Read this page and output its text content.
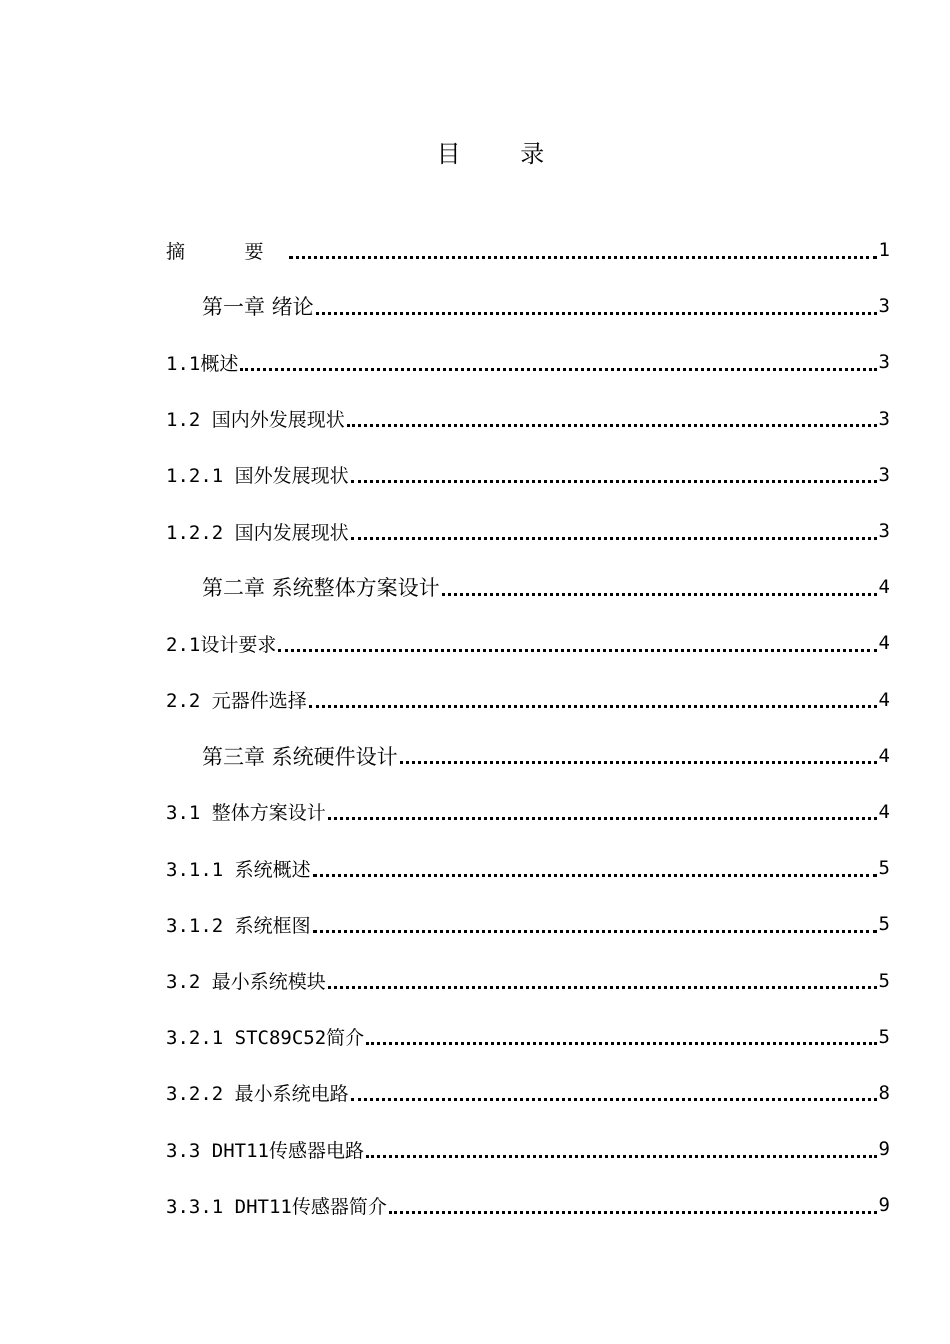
目 录
摘 要	1
第一章 绪论	3
1.1概述	3
1.2 国内外发展现状	3
1.2.1 国外发展现状	3
1.2.2 国内发展现状	3
第二章 系统整体方案设计	4
2.1设计要求	4
2.2 元器件选择	4
第三章 系统硬件设计	4
3.1 整体方案设计	4
3.1.1 系统概述	5
3.1.2 系统框图	5
3.2 最小系统模块	5
3.2.1 STC89C52简介	5
3.2.2 最小系统电路	8
3.3 DHT11传感器电路	9
3.3.1 DHT11传感器简介	9
